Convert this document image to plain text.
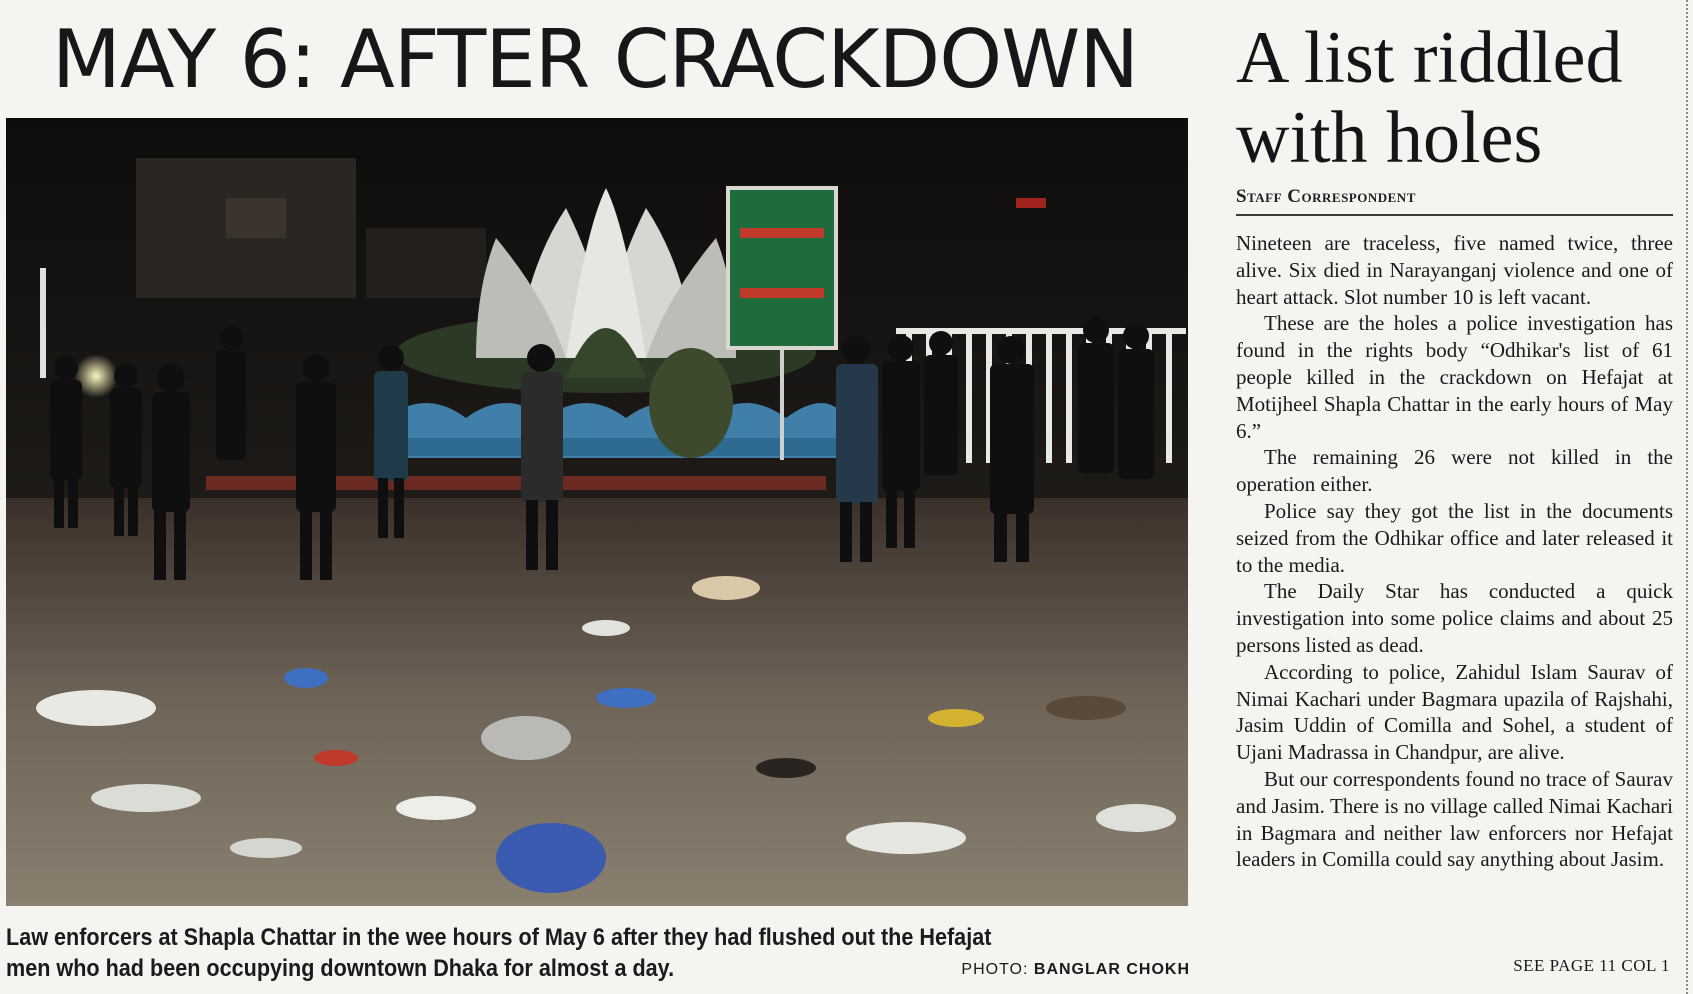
MAY 6: AFTER CRACKDOWN
Law enforcers at Shapla Chattar in the wee hours of May 6 after they had flushed out the Hefajat men who had been occupying downtown Dhaka for almost a day.	PHOTO: BANGLAR CHOKH
A list riddled
with holes
Staff Correspondent

Nineteen are traceless, five named twice, three alive. Six died in Narayanganj violence and one of heart attack. Slot number 10 is left vacant.

These are the holes a police investigation has found in the rights body “Odhikar's list of 61 people killed in the crackdown on Hefajat at Motijheel Shapla Chattar in the early hours of May 6.”

The remaining 26 were not killed in the operation either.

Police say they got the list in the documents seized from the Odhikar office and later released it to the media.

The Daily Star has conducted a quick investigation into some police claims and about 25 persons listed as dead.

According to police, Zahidul Islam Saurav of Nimai Kachari under Bagmara upazila of Rajshahi, Jasim Uddin of Comilla and Sohel, a student of Ujani Madrassa in Chandpur, are alive.

But our correspondents found no trace of Saurav and Jasim. There is no village called Nimai Kachari in Bagmara and neither law enforcers nor Hefajat leaders in Comilla could say anything about Jasim.

SEE PAGE 11 COL 1
